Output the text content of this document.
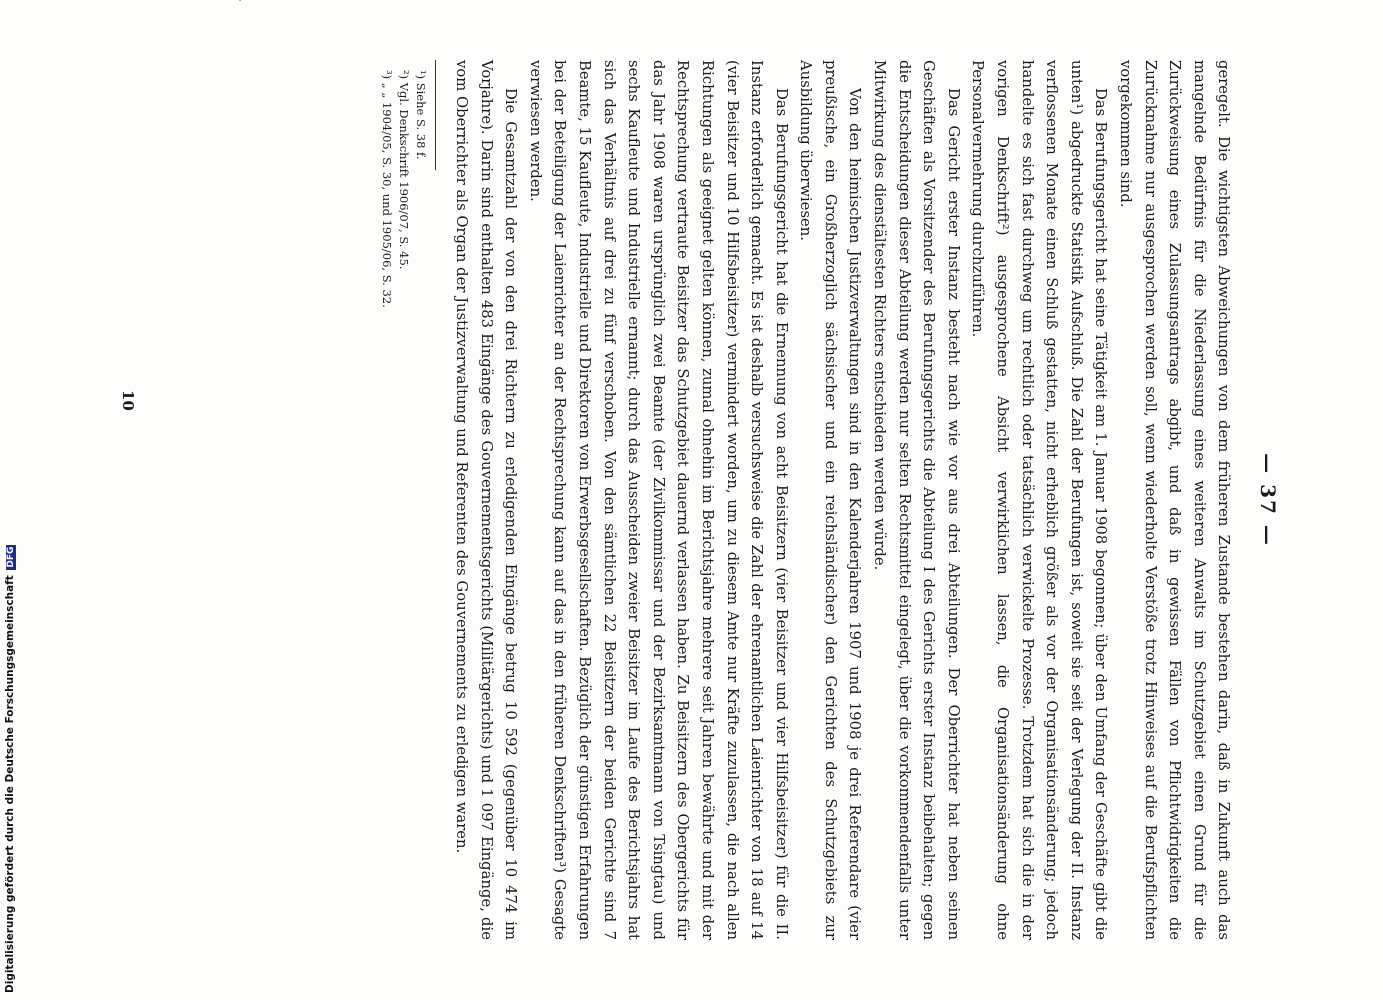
— 37 —

geregelt. Die wichtigsten Abweichungen von dem früheren Zustande bestehen darin, daß in Zukunft auch das mangelnde Bedürfnis für die Niederlassung eines weiteren Anwalts im Schutzgebiet einen Grund für die Zurückweisung eines Zulassungsantrags abgibt, und daß in gewissen Fällen von Pflichtwidrigkeiten die Zurücknahme nur ausgesprochen werden soll, wenn wiederholte Verstöße trotz Hinweises auf die Berufspflichten vorgekommen sind.

Das Berufungsgericht hat seine Tätigkeit am 1. Januar 1908 begonnen; über den Umfang der Geschäfte gibt die unten¹) abgedruckte Statistik Aufschluß. Die Zahl der Berufungen ist, soweit sie seit der Verlegung der II. Instanz verflossenen Monate einen Schluß gestatten, nicht erheblich größer als vor der Organisationsänderung; jedoch handelte es sich fast durchweg um rechtlich oder tatsächlich verwickelte Prozesse. Trotzdem hat sich die in der vorigen Denkschrift²) ausgesprochene Absicht verwirklichen lassen, die Organisationsänderung ohne Personalvermehrung durchzuführen.

Das Gericht erster Instanz besteht nach wie vor aus drei Abteilungen. Der Oberrichter hat neben seinen Geschäften als Vorsitzender des Berufungsgerichts die Abteilung I des Gerichts erster Instanz beibehalten; gegen die Entscheidungen dieser Abteilung werden nur selten Rechtsmittel eingelegt, über die vorkommendenfalls unter Mitwirkung des dienstältesten Richters entschieden werden würde.

Von den heimischen Justizverwaltungen sind in den Kalenderjahren 1907 und 1908 je drei Referendare (vier preußische, ein Großherzoglich sächsischer und ein reichsländischer) den Gerichten des Schutzgebiets zur Ausbildung überwiesen.

Das Berufungsgericht hat die Ernennung von acht Beisitzern (vier Beisitzer und vier Hilfsbeisitzer) für die II. Instanz erforderlich gemacht. Es ist deshalb versuchsweise die Zahl der ehrenamtlichen Laienrichter von 18 auf 14 (vier Beisitzer und 10 Hilfsbeisitzer) vermindert worden, um zu diesem Amte nur Kräfte zuzulassen, die nach allen Richtungen als geeignet gelten können, zumal ohnehin im Berichtsjahre mehrere seit Jahren bewährte und mit der Rechtsprechung vertraute Beisitzer das Schutzgebiet dauernd verlassen haben. Zu Beisitzern des Obergerichts für das Jahr 1908 waren ursprünglich zwei Beamte (der Zivilkommissar und der Bezirksamtmann von Tsingtau) und sechs Kaufleute und Industrielle ernannt; durch das Ausscheiden zweier Beisitzer im Laufe des Berichtsjahrs hat sich das Verhältnis auf drei zu fünf verschoben. Von den sämtlichen 22 Beisitzern der beiden Gerichte sind 7 Beamte, 15 Kaufleute, Industrielle und Direktoren von Erwerbsgesellschaften. Bezüglich der günstigen Erfahrungen bei der Beteiligung der Laienrichter an der Rechtsprechung kann auf das in den früheren Denkschriften³) Gesagte verwiesen werden.

Die Gesamtzahl der von den drei Richtern zu erledigenden Eingänge betrug 10 592 (gegenüber 10 474 im Vorjahre). Darin sind enthalten 483 Eingänge des Gouvernementsgerichts (Militärgerichts) und 1 097 Eingänge, die vom Oberrichter als Organ der Justizverwaltung und Referenten des Gouvernements zu erledigen waren.

¹) Siehe S. 38 f.

²) Vgl. Denkschrift 1906/07, S. 45.

³) „ „ 1904/05, S. 30, und 1905/06, S. 32.

10
Digitalisierung gefördert durch die Deutsche Forschungsgemeinschaft DFG
